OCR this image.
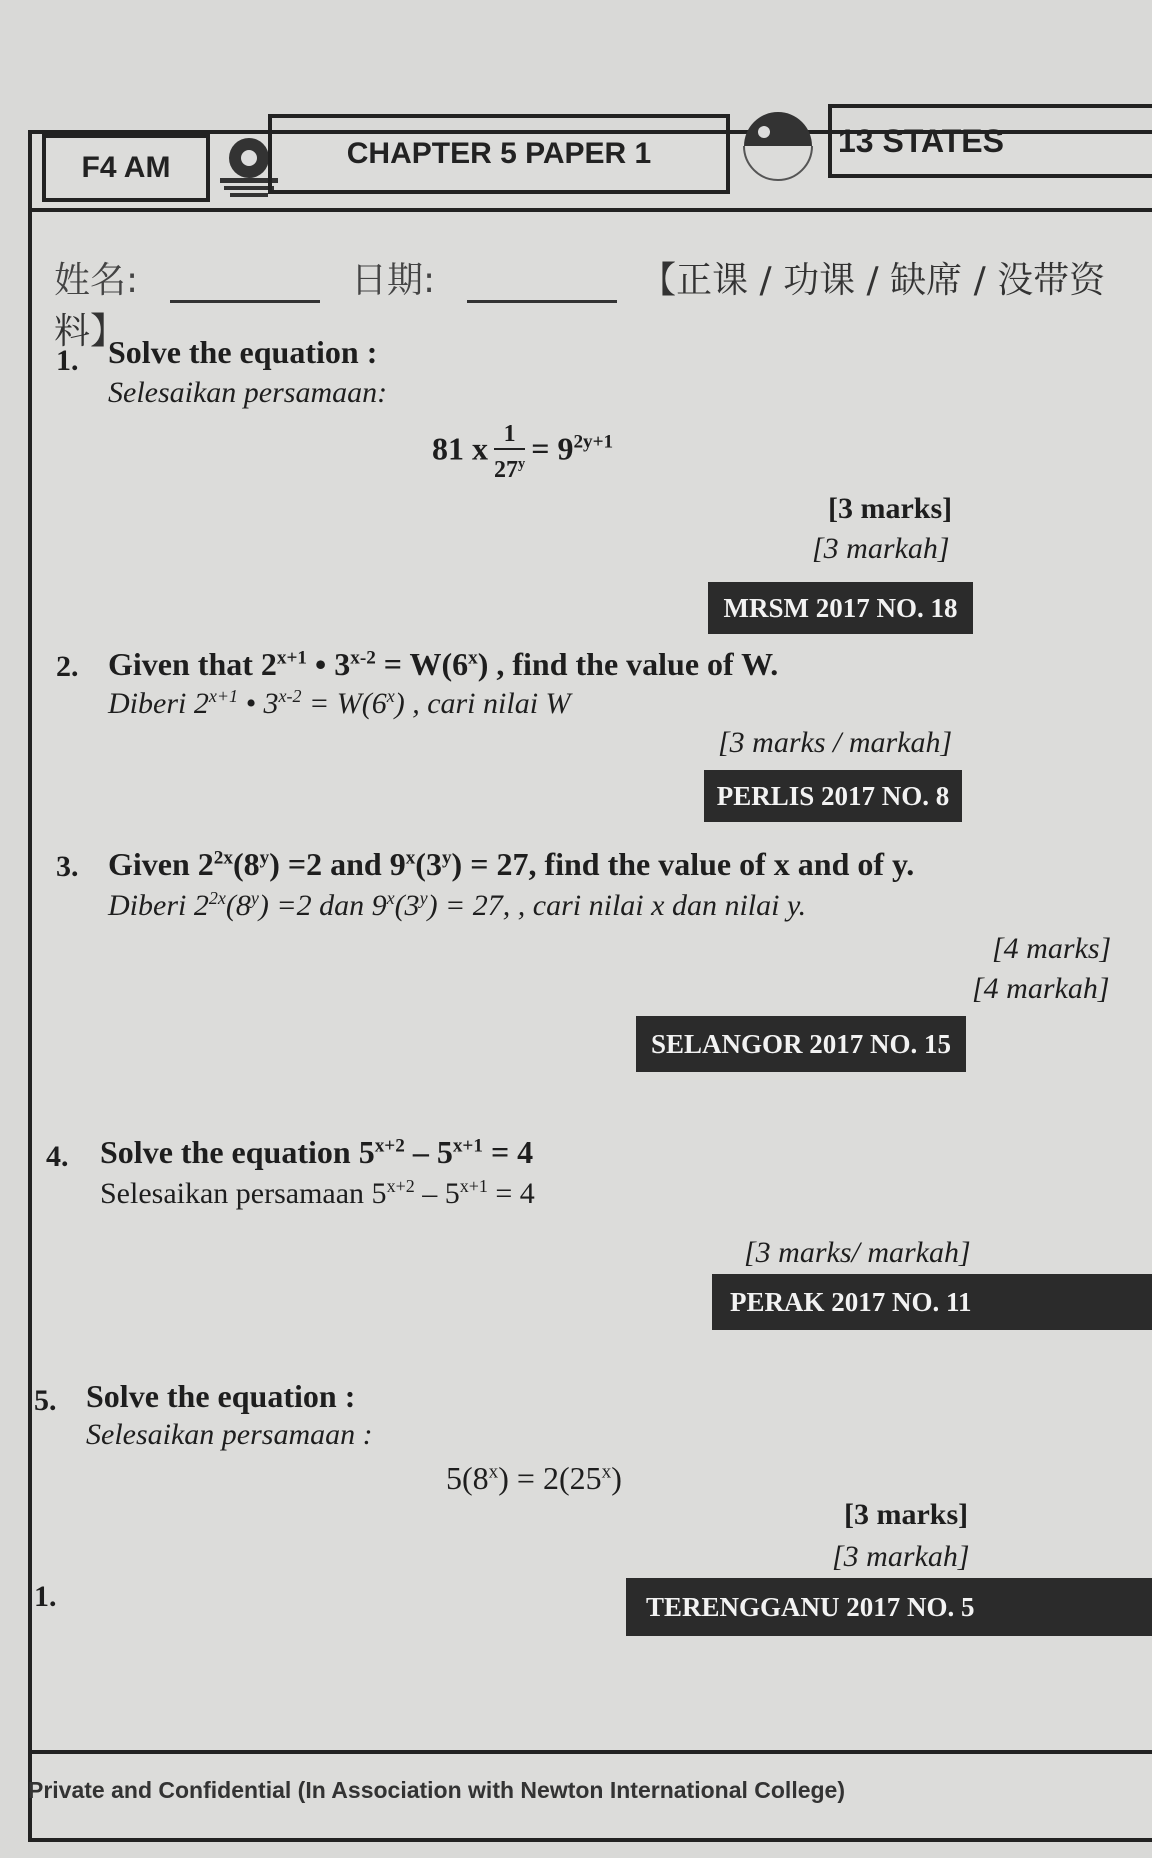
F4 AM	CHAPTER 5 PAPER 1	13 STATES
姓名:	日期:	【正课 / 功课 / 缺席 / 没带资料】
1. Solve the equation :
Selesaikan persamaan:
81 x $\frac{1}{27^y} = 9^{2y+1}$
[3 marks]
[3 markah]
MRSM 2017 NO. 18
2. Given that $2^{x+1}$ • $3^{x-2} = W(6^x)$ , find the value of W.
Diberi $2^{x+1}$ • $3^{x-2} = W(6^x)$ , cari nilai W
[3 marks / markah]
PERLIS 2017 NO. 8
3. Given $2^{2x}(8^y) =2$ and $9^x(3^y) = 27$, find the value of x and of y.
Diberi $2^{2x}(8^y) =2$ dan $9^x(3^y) = 27$, , cari nilai x dan nilai y.
[4 marks]
[4 markah]
SELANGOR 2017 NO. 15
4. Solve the equation $5^{x+2} - 5^{x+1} = 4$
Selesaikan persamaan $5^{x+2} - 5^{x+1} = 4$
[3 marks/ markah]
PERAK 2017 NO. 11
5. Solve the equation :
Selesaikan persamaan :
$5(8^x) = 2(25^x)$
[3 marks]
[3 markah]
1.	TERENGGANU 2017 NO. 5
Private and Confidential (In Association with Newton International College)
